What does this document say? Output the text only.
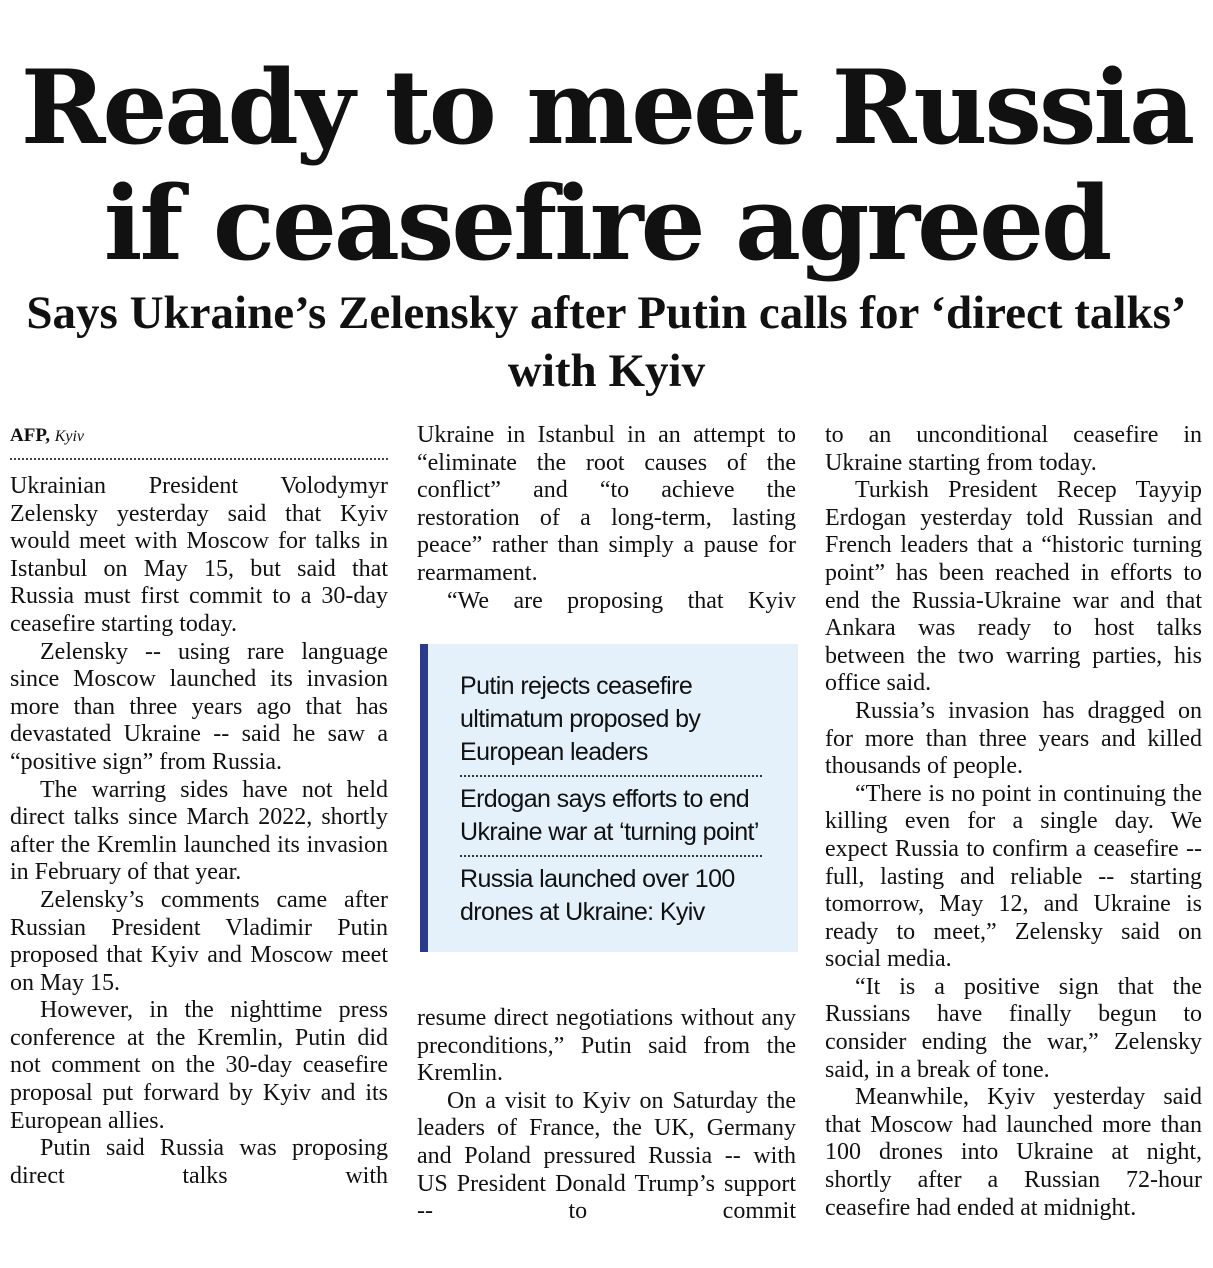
Ready to meet Russia
if ceasefire agreed
Says Ukraine’s Zelensky after Putin calls for ‘direct talks’ with Kyiv
AFP, Kyiv

Ukrainian President Volodymyr Zelensky yesterday said that Kyiv would meet with Moscow for talks in Istanbul on May 15, but said that Russia must first commit to a 30-day ceasefire starting today.

Zelensky -- using rare language since Moscow launched its invasion more than three years ago that has devastated Ukraine -- said he saw a “positive sign” from Russia.

The warring sides have not held direct talks since March 2022, shortly after the Kremlin launched its invasion in February of that year.

Zelensky’s comments came after Russian President Vladimir Putin proposed that Kyiv and Moscow meet on May 15.

However, in the nighttime press conference at the Kremlin, Putin did not comment on the 30-day ceasefire proposal put forward by Kyiv and its European allies.

Putin said Russia was proposing direct talks with

Ukraine in Istanbul in an attempt to “eliminate the root causes of the conflict” and “to achieve the restoration of a long-term, lasting peace” rather than simply a pause for rearmament.

“We are proposing that Kyiv

Putin rejects ceasefire ultimatum proposed by European leaders
Erdogan says efforts to end Ukraine war at ‘turning point’
Russia launched over 100 drones at Ukraine: Kyiv

resume direct negotiations without any preconditions,” Putin said from the Kremlin.

On a visit to Kyiv on Saturday the leaders of France, the UK, Germany and Poland pressured Russia -- with US President Donald Trump’s support -- to commit

to an unconditional ceasefire in Ukraine starting from today.

Turkish President Recep Tayyip Erdogan yesterday told Russian and French leaders that a “historic turning point” has been reached in efforts to end the Russia-Ukraine war and that Ankara was ready to host talks between the two warring parties, his office said.

Russia’s invasion has dragged on for more than three years and killed thousands of people.

“There is no point in continuing the killing even for a single day. We expect Russia to confirm a ceasefire -- full, lasting and reliable -- starting tomorrow, May 12, and Ukraine is ready to meet,” Zelensky said on social media.

“It is a positive sign that the Russians have finally begun to consider ending the war,” Zelensky said, in a break of tone.

Meanwhile, Kyiv yesterday said that Moscow had launched more than 100 drones into Ukraine at night, shortly after a Russian 72-hour ceasefire had ended at midnight.
